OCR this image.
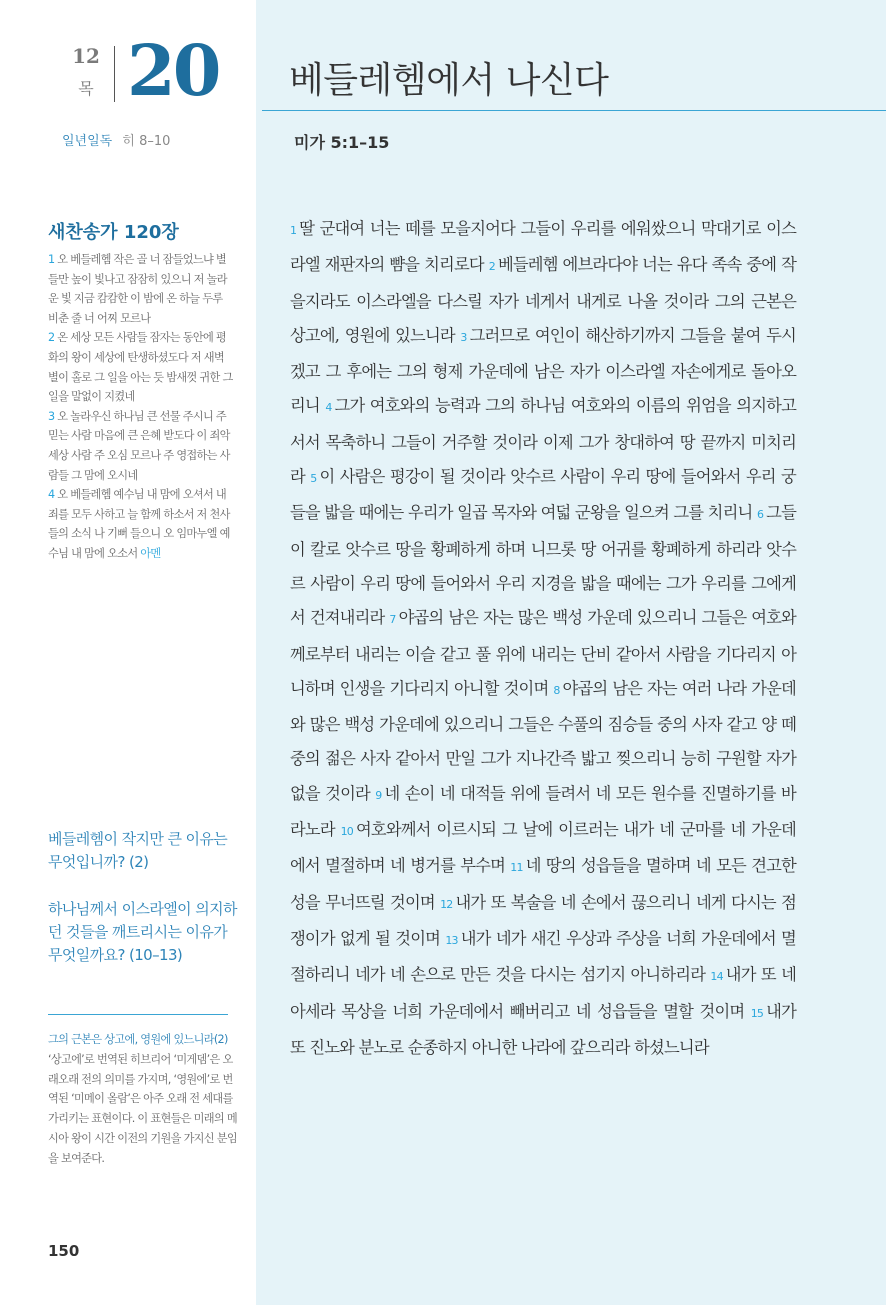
12
목 20
일년일독 히 8–10
베들레헴에서 나신다
미가 5:1–15
새찬송가 120장
1 오 베들레헴 작은 골 너 잠들었느냐 별들만 높이 빛나고 잠잠히 있으니 저 놀라운 빛 지금 캄캄한 이 밤에 온 하늘 두루 비춘 줄 너 어찌 모르나
2 온 세상 모든 사람들 잠자는 동안에 평화의 왕이 세상에 탄생하셨도다 저 새벽별이 홀로 그 일을 아는 듯 밤새껏 귀한 그 일을 말없이 지켰네
3 오 놀라우신 하나님 큰 선물 주시니 주 믿는 사람 마음에 큰 은혜 받도다 이 죄악 세상 사람 주 오심 모르나 주 영접하는 사람들 그 맘에 오시네
4 오 베들레헴 예수님 내 맘에 오셔서 내 죄를 모두 사하고 늘 함께 하소서 저 천사들의 소식 나 기뻐 들으니 오 임마누엘 예수님 내 맘에 오소서 아멘
베들레헴이 작지만 큰 이유는 무엇입니까? (2)
하나님께서 이스라엘이 의지하던 것들을 깨트리시는 이유가 무엇일까요? (10–13)
그의 근본은 상고에, 영원에 있느니라(2) ‘상고에’로 번역된 히브리어 ‘미게뎀’은 오래오래 전의 의미를 가지며, ‘영원에’로 번역된 ‘미메이 올람’은 아주 오래 전 세대를 가리키는 표현이다. 이 표현들은 미래의 메시아 왕이 시간 이전의 기원을 가지신 분임을 보여준다.
150
1 딸 군대여 너는 떼를 모을지어다 그들이 우리를 에워쌌으니 막대기로 이스라엘 재판자의 뺨을 치리로다 2 베들레헴 에브라다야 너는 유다 족속 중에 작을지라도 이스라엘을 다스릴 자가 네게서 내게로 나올 것이라 그의 근본은 상고에, 영원에 있느니라 3 그러므로 여인이 해산하기까지 그들을 붙여 두시겠고 그 후에는 그의 형제 가운데에 남은 자가 이스라엘 자손에게로 돌아오리니 4 그가 여호와의 능력과 그의 하나님 여호와의 이름의 위엄을 의지하고 서서 목축하니 그들이 거주할 것이라 이제 그가 창대하여 땅 끝까지 미치리라 5 이 사람은 평강이 될 것이라 앗수르 사람이 우리 땅에 들어와서 우리 궁들을 밟을 때에는 우리가 일곱 목자와 여덟 군왕을 일으켜 그를 치리니 6 그들이 칼로 앗수르 땅을 황폐하게 하며 니므롯 땅 어귀를 황폐하게 하리라 앗수르 사람이 우리 땅에 들어와서 우리 지경을 밟을 때에는 그가 우리를 그에게서 건져내리라 7 야곱의 남은 자는 많은 백성 가운데 있으리니 그들은 여호와께로부터 내리는 이슬 같고 풀 위에 내리는 단비 같아서 사람을 기다리지 아니하며 인생을 기다리지 아니할 것이며 8 야곱의 남은 자는 여러 나라 가운데와 많은 백성 가운데에 있으리니 그들은 수풀의 짐승들 중의 사자 같고 양 떼 중의 젊은 사자 같아서 만일 그가 지나간즉 밟고 찢으리니 능히 구원할 자가 없을 것이라 9 네 손이 네 대적들 위에 들려서 네 모든 원수를 진멸하기를 바라노라 10 여호와께서 이르시되 그 날에 이르러는 내가 네 군마를 네 가운데에서 멸절하며 네 병거를 부수며 11 네 땅의 성읍들을 멸하며 네 모든 견고한 성을 무너뜨릴 것이며 12 내가 또 복술을 네 손에서 끊으리니 네게 다시는 점쟁이가 없게 될 것이며 13 내가 네가 새긴 우상과 주상을 너희 가운데에서 멸절하리니 네가 네 손으로 만든 것을 다시는 섬기지 아니하리라 14 내가 또 네 아세라 목상을 너희 가운데에서 빼버리고 네 성읍들을 멸할 것이며 15 내가 또 진노와 분노로 순종하지 아니한 나라에 갚으리라 하셨느니라
